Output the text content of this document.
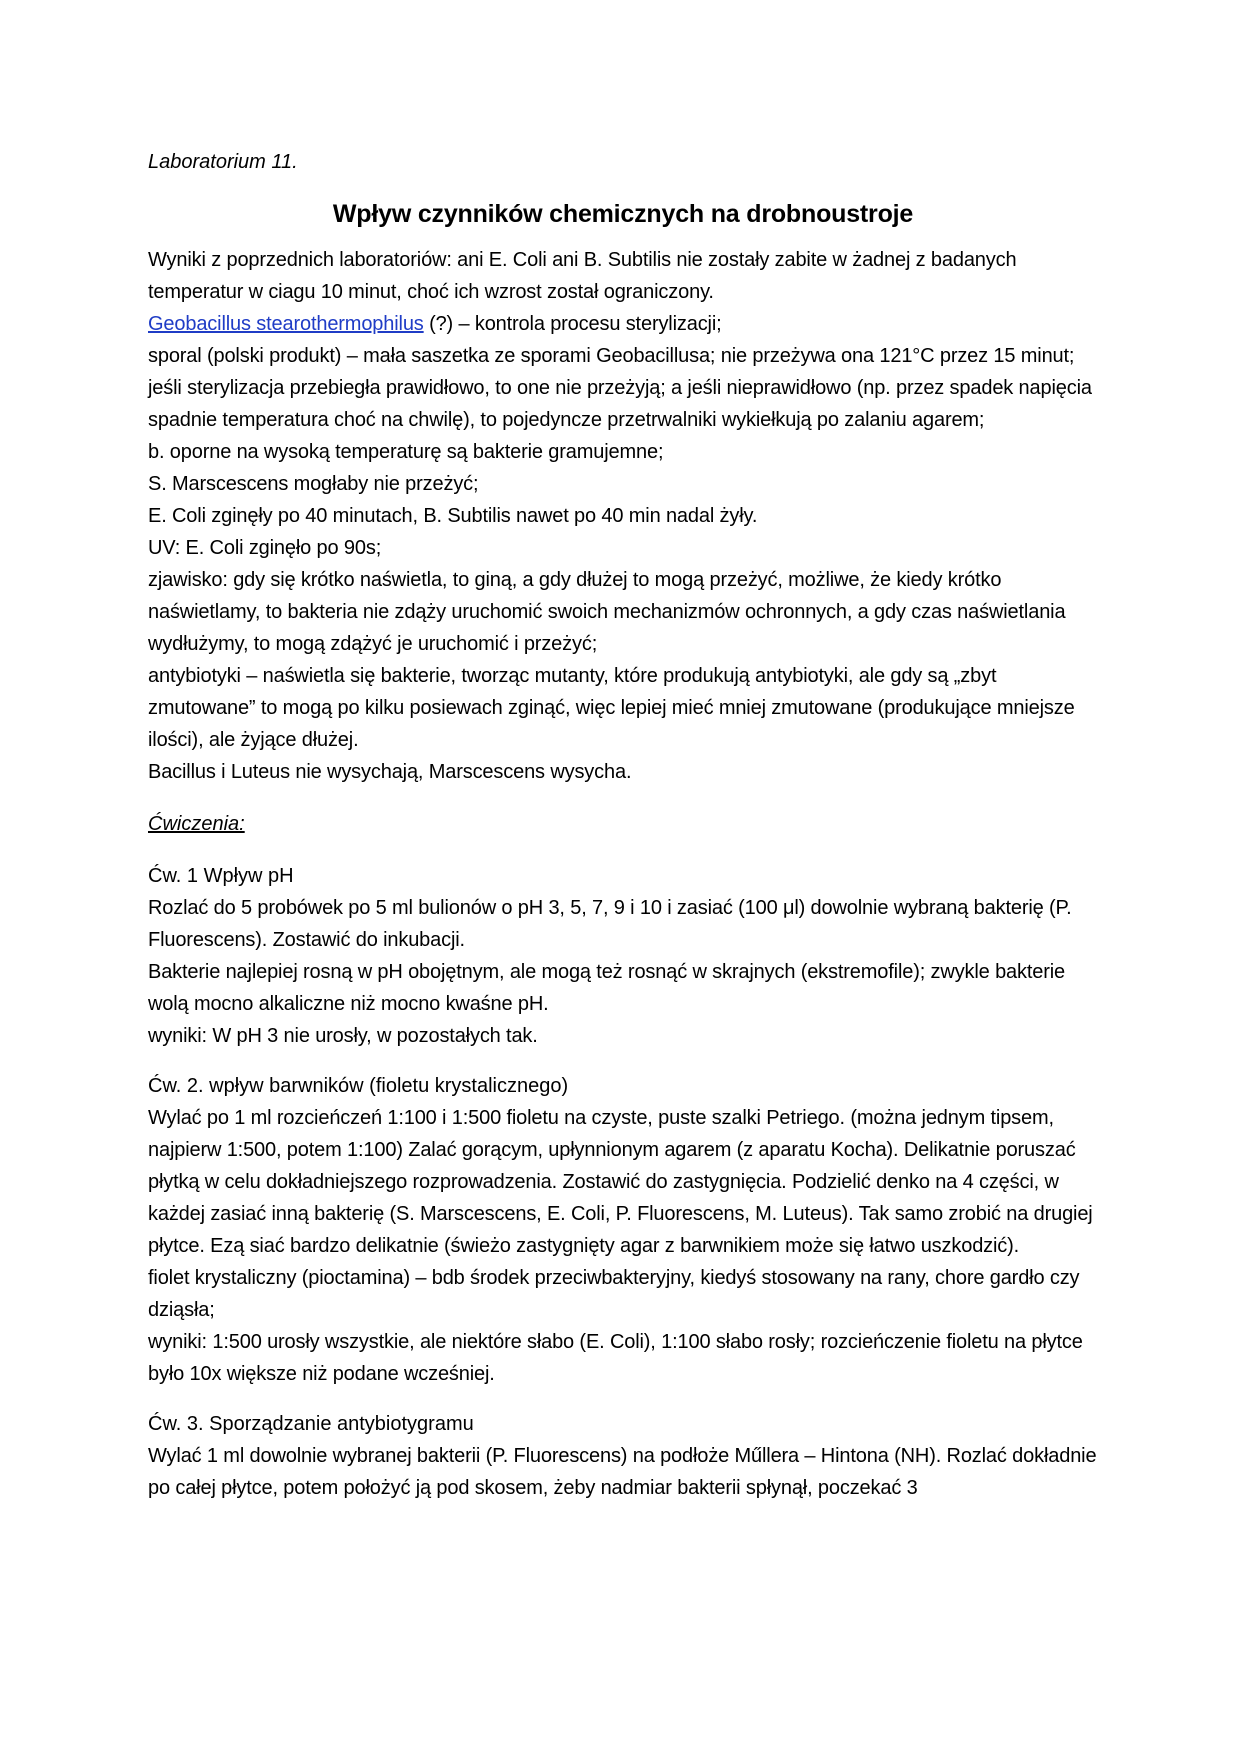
Laboratorium 11.

Wpływ czynników chemicznych na drobnoustroje

Wyniki z poprzednich laboratoriów: ani E. Coli ani B. Subtilis nie zostały zabite w żadnej z badanych temperatur w ciagu 10 minut, choć ich wzrost został ograniczony.

Geobacillus stearothermophilus (?) – kontrola procesu sterylizacji;

sporal (polski produkt) – mała saszetka ze sporami Geobacillusa; nie przeżywa ona 121°C przez 15 minut; jeśli sterylizacja przebiegła prawidłowo, to one nie przeżyją; a jeśli nieprawidłowo (np. przez spadek napięcia spadnie temperatura choć na chwilę), to pojedyncze przetrwalniki wykiełkują po zalaniu agarem;

b. oporne na wysoką temperaturę są bakterie gramujemne;

S. Marscescens mogłaby nie przeżyć;

E. Coli zginęły po 40 minutach, B. Subtilis nawet po 40 min nadal żyły.

UV: E. Coli zginęło po 90s;

zjawisko: gdy się krótko naświetla, to giną, a gdy dłużej to mogą przeżyć, możliwe, że kiedy krótko naświetlamy, to bakteria nie zdąży uruchomić swoich mechanizmów ochronnych, a gdy czas naświetlania wydłużymy, to mogą zdążyć je uruchomić i przeżyć;

antybiotyki – naświetla się bakterie, tworząc mutanty, które produkują antybiotyki, ale gdy są „zbyt zmutowane” to mogą po kilku posiewach zginąć, więc lepiej mieć mniej zmutowane (produkujące mniejsze ilości), ale żyjące dłużej.

Bacillus i Luteus nie wysychają, Marscescens wysycha.

Ćwiczenia:

Ćw. 1 Wpływ pH

Rozlać do 5 probówek po 5 ml bulionów o pH 3, 5, 7, 9 i 10 i zasiać (100 μl) dowolnie wybraną bakterię (P. Fluorescens). Zostawić do inkubacji.

Bakterie najlepiej rosną w pH obojętnym, ale mogą też rosnąć w skrajnych (ekstremofile); zwykle bakterie wolą mocno alkaliczne niż mocno kwaśne pH.

wyniki: W pH 3 nie urosły, w pozostałych tak.

Ćw. 2. wpływ barwników (fioletu krystalicznego)

Wylać po 1 ml rozcieńczeń 1:100 i 1:500 fioletu na czyste, puste szalki Petriego. (można jednym tipsem, najpierw 1:500, potem 1:100) Zalać gorącym, upłynnionym agarem (z aparatu Kocha). Delikatnie poruszać płytką w celu dokładniejszego rozprowadzenia. Zostawić do zastygnięcia. Podzielić denko na 4 części, w każdej zasiać inną bakterię (S. Marscescens, E. Coli, P. Fluorescens, M. Luteus). Tak samo zrobić na drugiej płytce. Ezą siać bardzo delikatnie (świeżo zastygnięty agar z barwnikiem może się łatwo uszkodzić).

fiolet krystaliczny (pioctamina) – bdb środek przeciwbakteryjny, kiedyś stosowany na rany, chore gardło czy dziąsła;

wyniki: 1:500 urosły wszystkie, ale niektóre słabo (E. Coli), 1:100 słabo rosły; rozcieńczenie fioletu na płytce było 10x większe niż podane wcześniej.

Ćw. 3. Sporządzanie antybiotygramu

Wylać 1 ml dowolnie wybranej bakterii (P. Fluorescens) na podłoże Műllera – Hintona (NH). Rozlać dokładnie po całej płytce, potem położyć ją pod skosem, żeby nadmiar bakterii spłynął, poczekać 3
